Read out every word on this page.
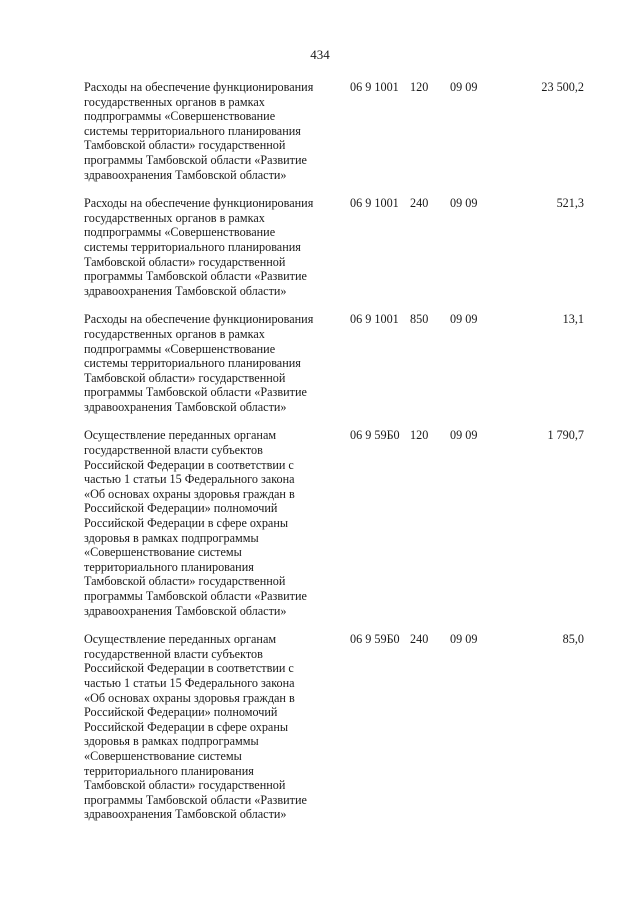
434
Расходы на обеспечение функционирования
государственных органов в рамках
подпрограммы «Совершенствование
системы территориального планирования
Тамбовской области» государственной
программы Тамбовской области «Развитие
здравоохранения Тамбовской области»
06 9 1001 120 09 09	23 500,2
Расходы на обеспечение функционирования
государственных органов в рамках
подпрограммы «Совершенствование
системы территориального планирования
Тамбовской области» государственной
программы Тамбовской области «Развитие
здравоохранения Тамбовской области»
06 9 1001 240 09 09	521,3
Расходы на обеспечение функционирования
государственных органов в рамках
подпрограммы «Совершенствование
системы территориального планирования
Тамбовской области» государственной
программы Тамбовской области «Развитие
здравоохранения Тамбовской области»
06 9 1001 850 09 09	13,1
Осуществление переданных органам
государственной власти субъектов
Российской Федерации в соответствии с
частью 1 статьи 15 Федерального закона
«Об основах охраны здоровья граждан в
Российской Федерации» полномочий
Российской Федерации в сфере охраны
здоровья в рамках подпрограммы
«Совершенствование системы
территориального планирования
Тамбовской области» государственной
программы Тамбовской области «Развитие
здравоохранения Тамбовской области»
06 9 59Б0 120 09 09	1 790,7
Осуществление переданных органам
государственной власти субъектов
Российской Федерации в соответствии с
частью 1 статьи 15 Федерального закона
«Об основах охраны здоровья граждан в
Российской Федерации» полномочий
Российской Федерации в сфере охраны
здоровья в рамках подпрограммы
«Совершенствование системы
территориального планирования
Тамбовской области» государственной
программы Тамбовской области «Развитие
здравоохранения Тамбовской области»
06 9 59Б0 240 09 09	85,0
